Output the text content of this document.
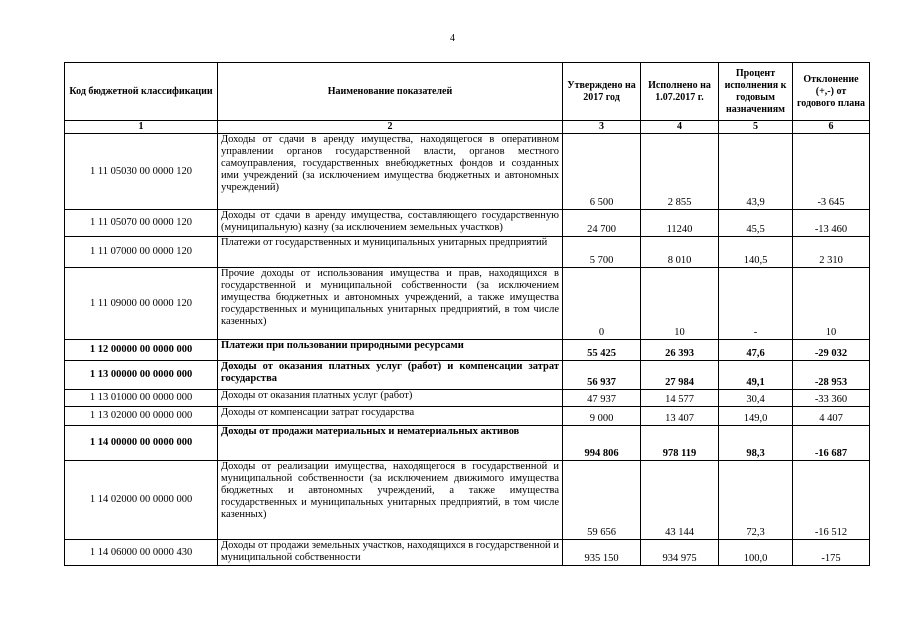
4
Код бюджетной классификации	Наименование показателей	Утверждено на 2017 год	Исполнено на 1.07.2017 г.	Процент исполнения к годовым назначениям	Отклонение (+,-) от годового плана
1	2	3	4	5	6
1 11 05030 00 0000 120	Доходы от сдачи в аренду имущества, находящегося в оперативном управлении органов государственной власти, органов местного самоуправления, государственных внебюджетных фондов и созданных ими учреждений (за исключением имущества бюджетных и автономных учреждений)	6 500	2 855	43,9	-3 645
1 11 05070 00 0000 120	Доходы от сдачи в аренду имущества, составляющего государственную (муниципальную) казну (за исключением земельных участков)	24 700	11240	45,5	-13 460
1 11 07000 00 0000 120	Платежи от государственных и муниципальных унитарных предприятий	5 700	8 010	140,5	2 310
1 11 09000 00 0000 120	Прочие доходы от использования имущества и прав, находящихся в государственной и муниципальной собственности (за исключением имущества бюджетных и автономных учреждений, а также имущества государственных и муниципальных унитарных предприятий, в том числе казенных)	0	10	-	10
1 12 00000 00 0000 000	Платежи при пользовании природными ресурсами	55 425	26 393	47,6	-29 032
1 13 00000 00 0000 000	Доходы от оказания платных услуг (работ) и компенсации затрат государства	56 937	27 984	49,1	-28 953
1 13 01000 00 0000 000	Доходы от оказания платных услуг (работ)	47 937	14 577	30,4	-33 360
1 13 02000 00 0000 000	Доходы от компенсации затрат государства	9 000	13 407	149,0	4 407
1 14 00000 00 0000 000	Доходы от продажи материальных и нематериальных активов	994 806	978 119	98,3	-16 687
1 14 02000 00 0000 000	Доходы от реализации имущества, находящегося в государственной и муниципальной собственности (за исключением движимого имущества бюджетных и автономных учреждений, а также имущества государственных и муниципальных унитарных предприятий, в том числе казенных)	59 656	43 144	72,3	-16 512
1 14 06000 00 0000 430	Доходы от продажи земельных участков, находящихся в государственной и муниципальной собственности	935 150	934 975	100,0	-175
